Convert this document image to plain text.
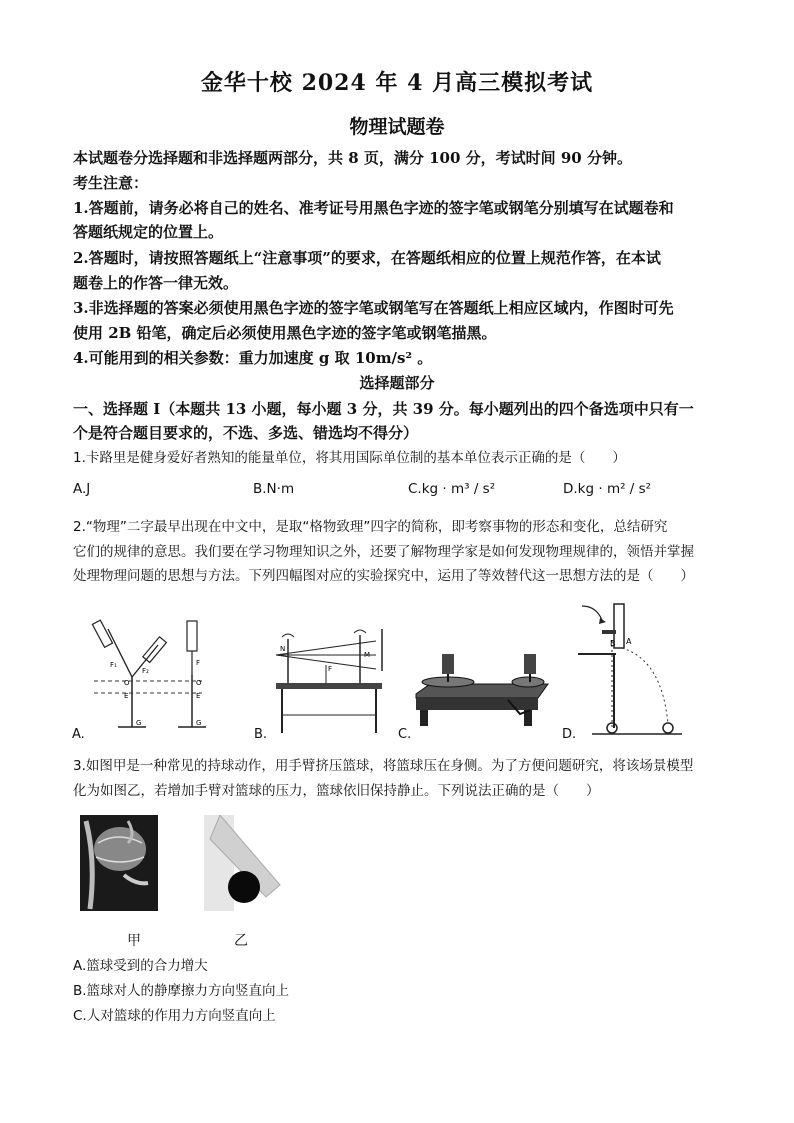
金华十校 2024 年 4 月高三模拟考试
物理试题卷
本试题卷分选择题和非选择题两部分，共 8 页，满分 100 分，考试时间 90 分钟。
考生注意：
1.答题前，请务必将自己的姓名、准考证号用黑色字迹的签字笔或钢笔分别填写在试题卷和
答题纸规定的位置上。
2.答题时，请按照答题纸上“注意事项”的要求，在答题纸相应的位置上规范作答，在本试
题卷上的作答一律无效。
3.非选择题的答案必须使用黑色字迹的签字笔或钢笔写在答题纸上相应区域内，作图时可先
使用 2B 铅笔，确定后必须使用黑色字迹的签字笔或钢笔描黑。
4.可能用到的相关参数：重力加速度 g 取 10m/s² 。
选择题部分
一、选择题 I（本题共 13 小题，每小题 3 分，共 39 分。每小题列出的四个备选项中只有一
个是符合题目要求的，不选、多选、错选均不得分）
1.卡路里是健身爱好者熟知的能量单位，将其用国际单位制的基本单位表示正确的是（　　）
A.J	B.N·m	C.kg · m³ / s²	D.kg · m² / s²
2.“物理”二字最早出现在中文中，是取“格物致理”四字的简称，即考察事物的形态和变化，总结研究
它们的规律的意思。我们要在学习物理知识之外，还要了解物理学家是如何发现物理规律的，领悟并掌握
处理物理问题的思想与方法。下列四幅图对应的实验探究中，运用了等效替代这一思想方法的是（　　）
F₁
F₂
O
E
G
F
O
E
G
N
M
F
B A
A.	B.	C.	D.
3.如图甲是一种常见的持球动作，用手臂挤压篮球，将篮球压在身侧。为了方便问题研究，将该场景模型
化为如图乙，若增加手臂对篮球的压力，篮球依旧保持静止。下列说法正确的是（　　）
甲	乙
A.篮球受到的合力增大
B.篮球对人的静摩擦力方向竖直向上
C.人对篮球的作用力方向竖直向上
